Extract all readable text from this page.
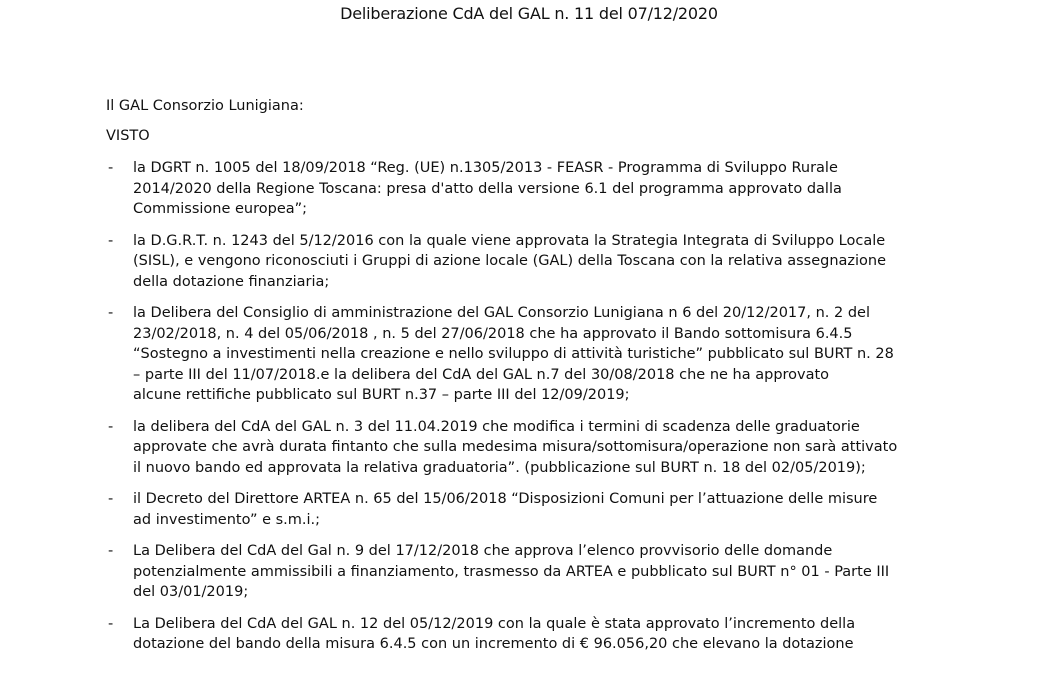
Deliberazione CdA del GAL n. 11 del 07/12/2020
Il GAL Consorzio Lunigiana:
VISTO
-	la DGRT n. 1005 del 18/09/2018 “Reg. (UE) n.1305/2013 - FEASR - Programma di Sviluppo Rurale
2014/2020 della Regione Toscana: presa d'atto della versione 6.1 del programma approvato dalla
Commissione europea”;
-	la D.G.R.T. n. 1243 del 5/12/2016 con la quale viene approvata la Strategia Integrata di Sviluppo Locale
(SISL), e vengono riconosciuti i Gruppi di azione locale (GAL) della Toscana con la relativa assegnazione
della dotazione finanziaria;
-	la Delibera del Consiglio di amministrazione del GAL Consorzio Lunigiana n 6 del 20/12/2017, n. 2 del
23/02/2018, n. 4 del 05/06/2018 , n. 5 del 27/06/2018 che ha approvato il Bando sottomisura 6.4.5
“Sostegno a investimenti nella creazione e nello sviluppo di attività turistiche” pubblicato sul BURT n. 28
– parte III del 11/07/2018.e la delibera del CdA del GAL n.7 del 30/08/2018 che ne ha approvato
alcune rettifiche pubblicato sul BURT n.37 – parte III del 12/09/2019;
-	la delibera del CdA del GAL n. 3 del 11.04.2019 che modifica i termini di scadenza delle graduatorie
approvate che avrà durata fintanto che sulla medesima misura/sottomisura/operazione non sarà attivato
il nuovo bando ed approvata la relativa graduatoria”. (pubblicazione sul BURT n. 18 del 02/05/2019);
-	il Decreto del Direttore ARTEA n. 65 del 15/06/2018 “Disposizioni Comuni per l’attuazione delle misure
ad investimento” e s.m.i.;
-	La Delibera del CdA del Gal n. 9 del 17/12/2018 che approva l’elenco provvisorio delle domande
potenzialmente ammissibili a finanziamento, trasmesso da ARTEA e pubblicato sul BURT n° 01 - Parte III
del 03/01/2019;
-	La Delibera del CdA del GAL n. 12 del 05/12/2019 con la quale è stata approvato l’incremento della
dotazione del bando della misura 6.4.5 con un incremento di € 96.056,20 che elevano la dotazione
